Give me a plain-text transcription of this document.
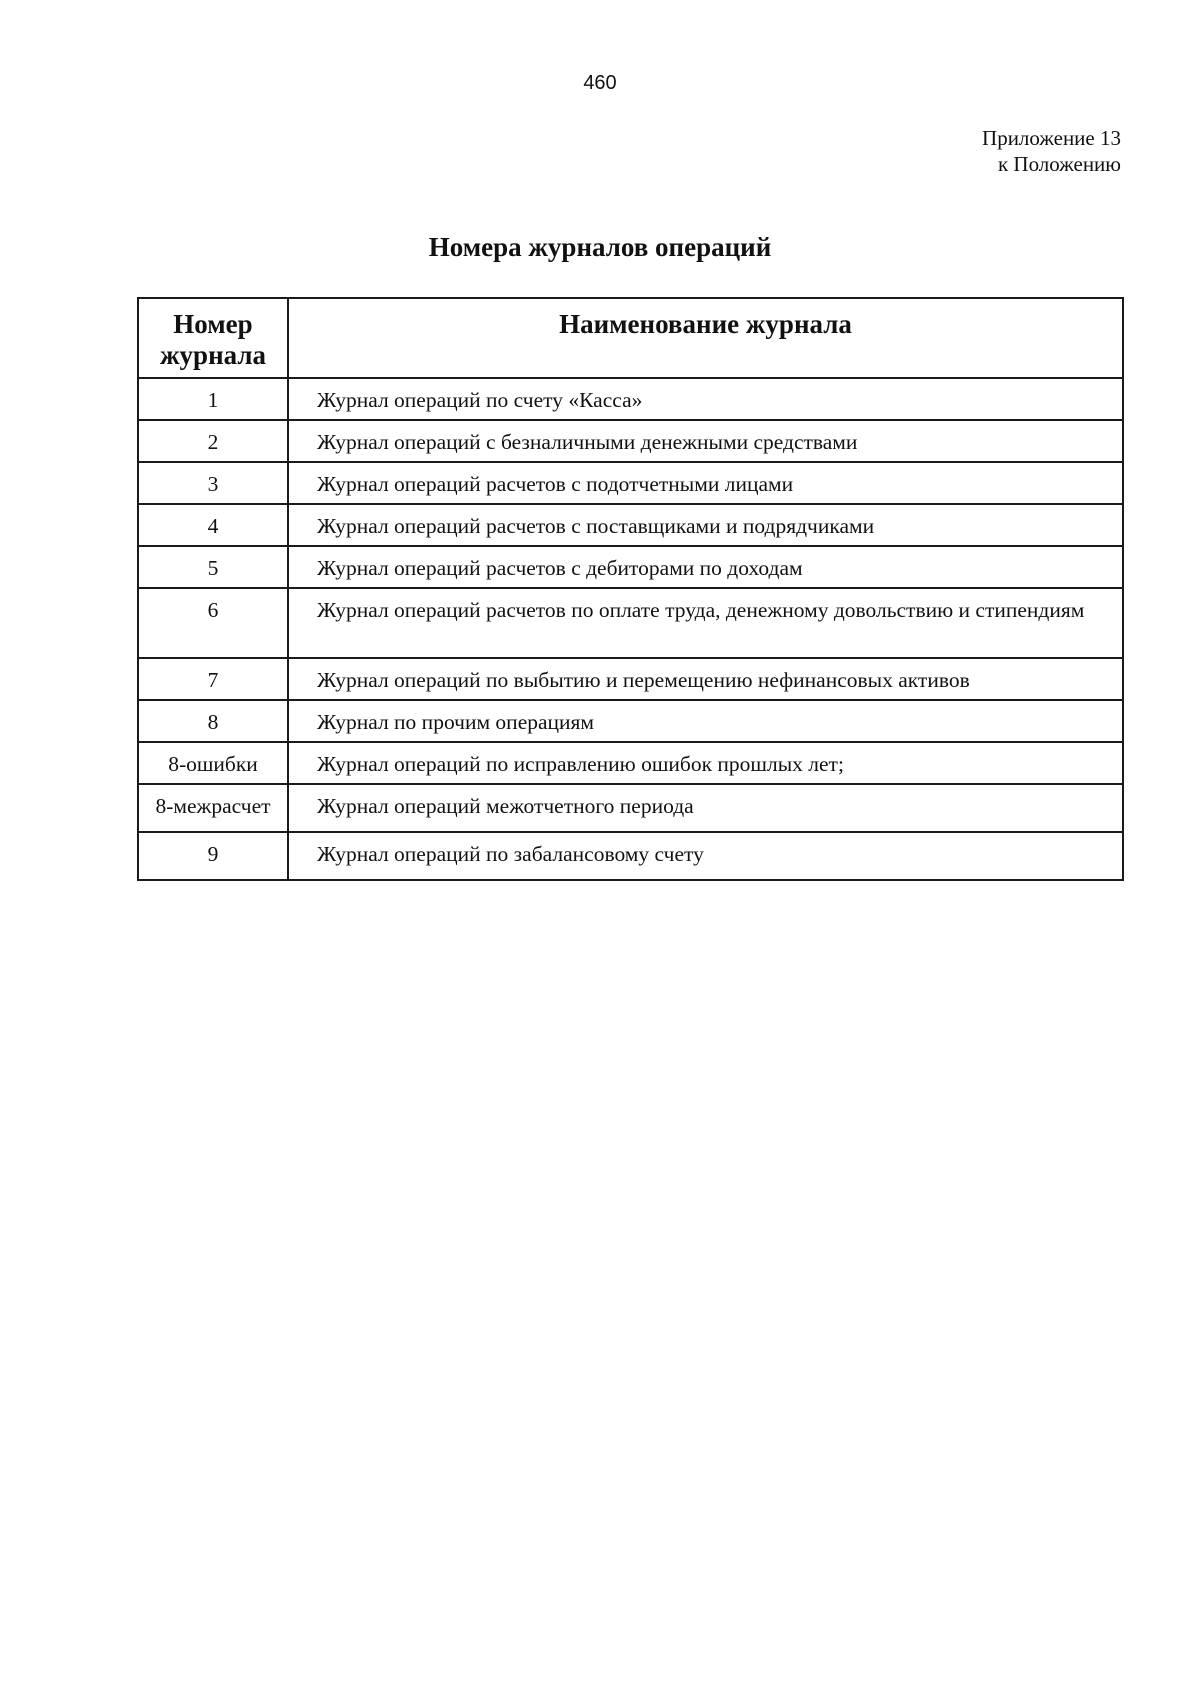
460
Приложение 13
к Положению
Номера журналов операций
Номер
журнала	Наименование журнала
1	Журнал операций по счету «Касса»
2	Журнал операций с безналичными денежными средствами
3	Журнал операций расчетов с подотчетными лицами
4	Журнал операций расчетов с поставщиками и подрядчиками
5	Журнал операций расчетов с дебиторами по доходам
6	Журнал операций расчетов по оплате труда, денежному довольствию и стипендиям
7	Журнал операций по выбытию и перемещению нефинансовых активов
8	Журнал по прочим операциям
8-ошибки	Журнал операций по исправлению ошибок прошлых лет;
8-межрасчет	Журнал операций межотчетного периода
9	Журнал операций по забалансовому счету
